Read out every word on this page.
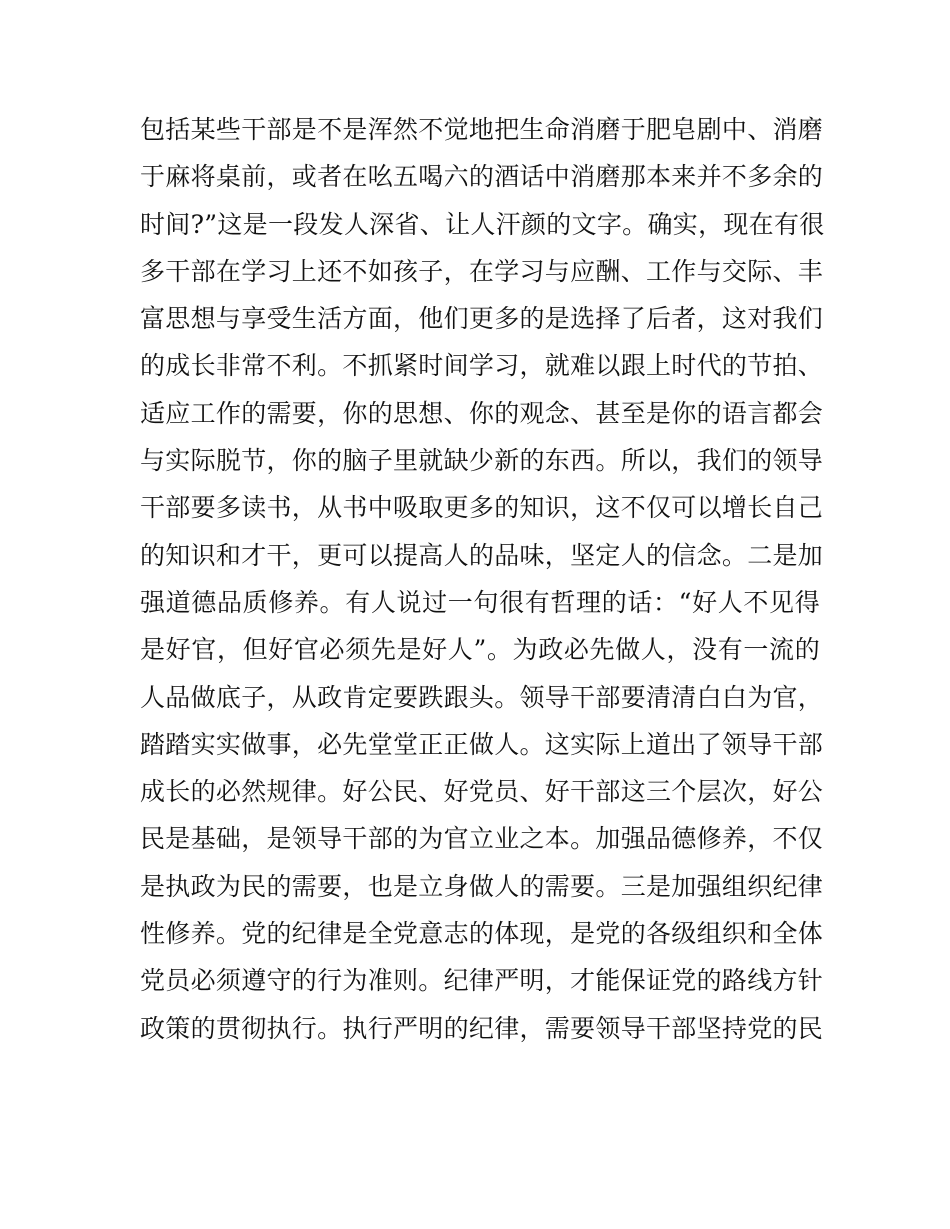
包括某些干部是不是浑然不觉地把生命消磨于肥皂剧中、消磨
于麻将桌前，或者在吆五喝六的酒话中消磨那本来并不多余的
时间?”这是一段发人深省、让人汗颜的文字。确实，现在有很
多干部在学习上还不如孩子，在学习与应酬、工作与交际、丰
富思想与享受生活方面，他们更多的是选择了后者，这对我们
的成长非常不利。不抓紧时间学习，就难以跟上时代的节拍、
适应工作的需要，你的思想、你的观念、甚至是你的语言都会
与实际脱节，你的脑子里就缺少新的东西。所以，我们的领导
干部要多读书，从书中吸取更多的知识，这不仅可以增长自己
的知识和才干，更可以提高人的品味，坚定人的信念。二是加
强道德品质修养。有人说过一句很有哲理的话：“好人不见得
是好官，但好官必须先是好人”。为政必先做人，没有一流的
人品做底子，从政肯定要跌跟头。领导干部要清清白白为官，
踏踏实实做事，必先堂堂正正做人。这实际上道出了领导干部
成长的必然规律。好公民、好党员、好干部这三个层次，好公
民是基础，是领导干部的为官立业之本。加强品德修养，不仅
是执政为民的需要，也是立身做人的需要。三是加强组织纪律
性修养。党的纪律是全党意志的体现，是党的各级组织和全体
党员必须遵守的行为准则。纪律严明，才能保证党的路线方针
政策的贯彻执行。执行严明的纪律，需要领导干部坚持党的民
